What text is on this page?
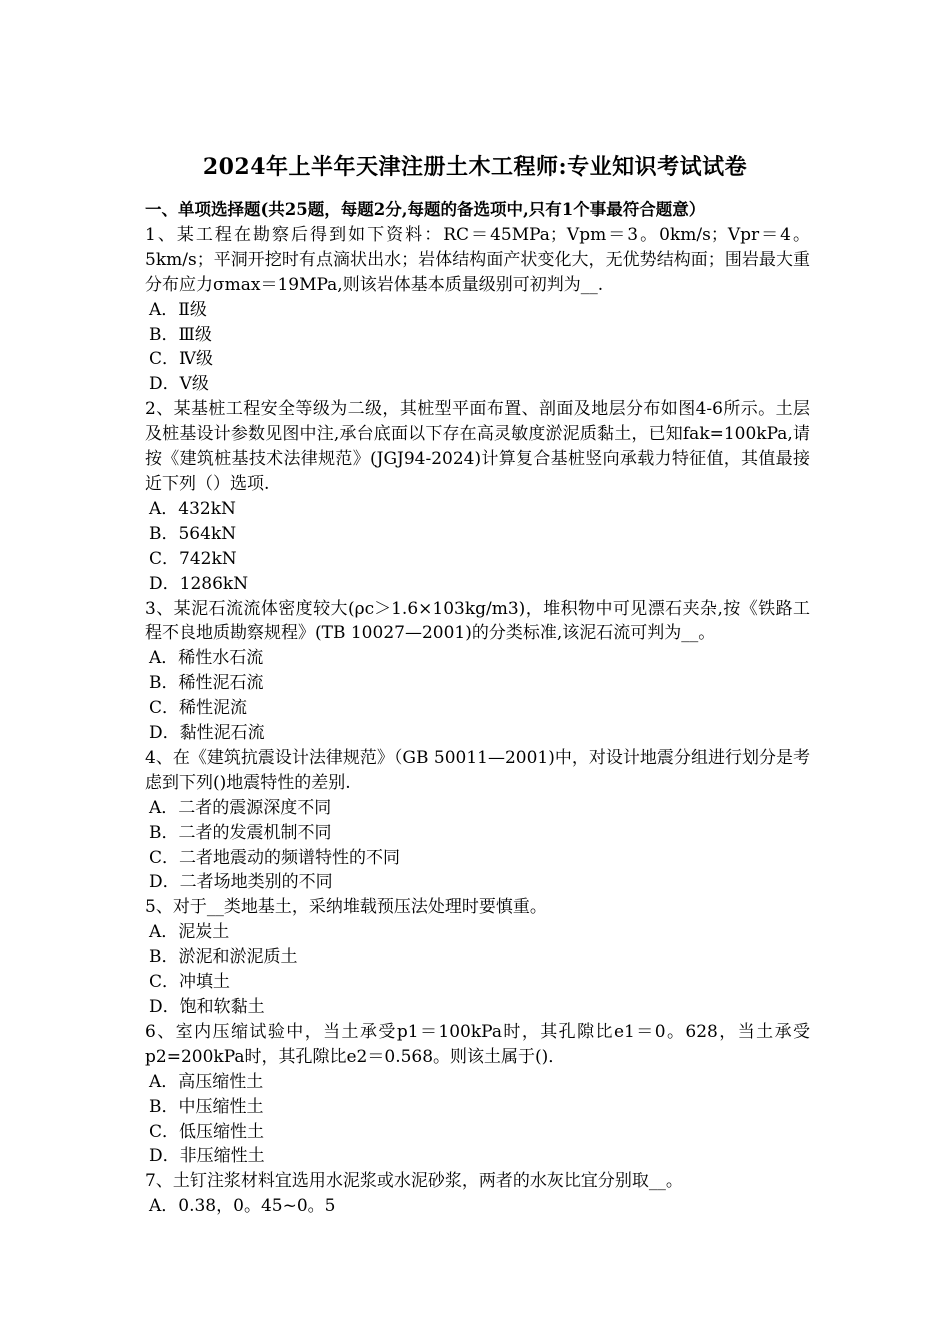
2024年上半年天津注册土木工程师:专业知识考试试卷
一、单项选择题(共25题，每题2分,每题的备选项中,只有1个事最符合题意）
1、某工程在勘察后得到如下资料：RC＝45MPa；Vpm＝3。0km/s；Vpr＝4。5km/s；平洞开挖时有点滴状出水；岩体结构面产状变化大，无优势结构面；围岩最大重分布应力σmax＝19MPa,则该岩体基本质量级别可初判为__.
A．Ⅱ级
B．Ⅲ级
C．Ⅳ级
D．Ⅴ级
2、某基桩工程安全等级为二级，其桩型平面布置、剖面及地层分布如图4-6所示。土层及桩基设计参数见图中注,承台底面以下存在高灵敏度淤泥质黏土，已知fak=100kPa,请按《建筑桩基技术法律规范》(JGJ94-2024)计算复合基桩竖向承载力特征值，其值最接近下列（）选项.
A．432kN
B．564kN
C．742kN
D．1286kN
3、某泥石流流体密度较大(ρc＞1.6×103kg/m3)，堆积物中可见漂石夹杂,按《铁路工程不良地质勘察规程》(TB 10027—2001)的分类标准,该泥石流可判为__。
A．稀性水石流
B．稀性泥石流
C．稀性泥流
D．黏性泥石流
4、在《建筑抗震设计法律规范》（GB 50011—2001)中，对设计地震分组进行划分是考虑到下列()地震特性的差别.
A．二者的震源深度不同
B．二者的发震机制不同
C．二者地震动的频谱特性的不同
D．二者场地类别的不同
5、对于__类地基土，采纳堆载预压法处理时要慎重。
A．泥炭土
B．淤泥和淤泥质土
C．冲填土
D．饱和软黏土
6、室内压缩试验中，当土承受p1＝100kPa时，其孔隙比e1＝0。628，当土承受p2=200kPa时，其孔隙比e2＝0.568。则该土属于()．
A．高压缩性土
B．中压缩性土
C．低压缩性土
D．非压缩性土
7、土钉注浆材料宜选用水泥浆或水泥砂浆，两者的水灰比宜分别取__。
A．0.38，0。45~0。5
